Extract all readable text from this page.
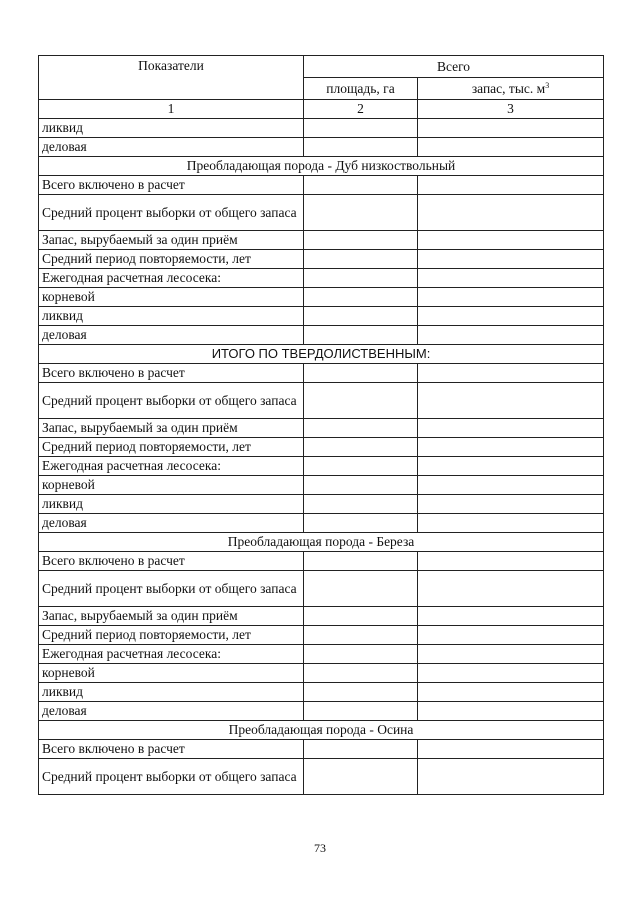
Показатели	Всего	
	площадь, га	запас, тыс. $м^3$
1	2	3
ликвид		
деловая		
Преобладающая порода - Дуб низкоствольный		
Всего включено в расчет		
Средний процент выборки от общего запаса		
Запас, вырубаемый за один приём		
Средний период повторяемости, лет		
Ежегодная расчетная лесосека:		
корневой		
ликвид		
деловая		
ИТОГО ПО ТВЕРДОЛИСТВЕННЫМ:		
Всего включено в расчет		
Средний процент выборки от общего запаса		
Запас, вырубаемый за один приём		
Средний период повторяемости, лет		
Ежегодная расчетная лесосека:		
корневой		
ликвид		
деловая		
Преобладающая порода - Береза		
Всего включено в расчет		
Средний процент выборки от общего запаса		
Запас, вырубаемый за один приём		
Средний период повторяемости, лет		
Ежегодная расчетная лесосека:		
корневой		
ликвид		
деловая		
Преобладающая порода - Осина		
Всего включено в расчет		
Средний процент выборки от общего запаса		
73
